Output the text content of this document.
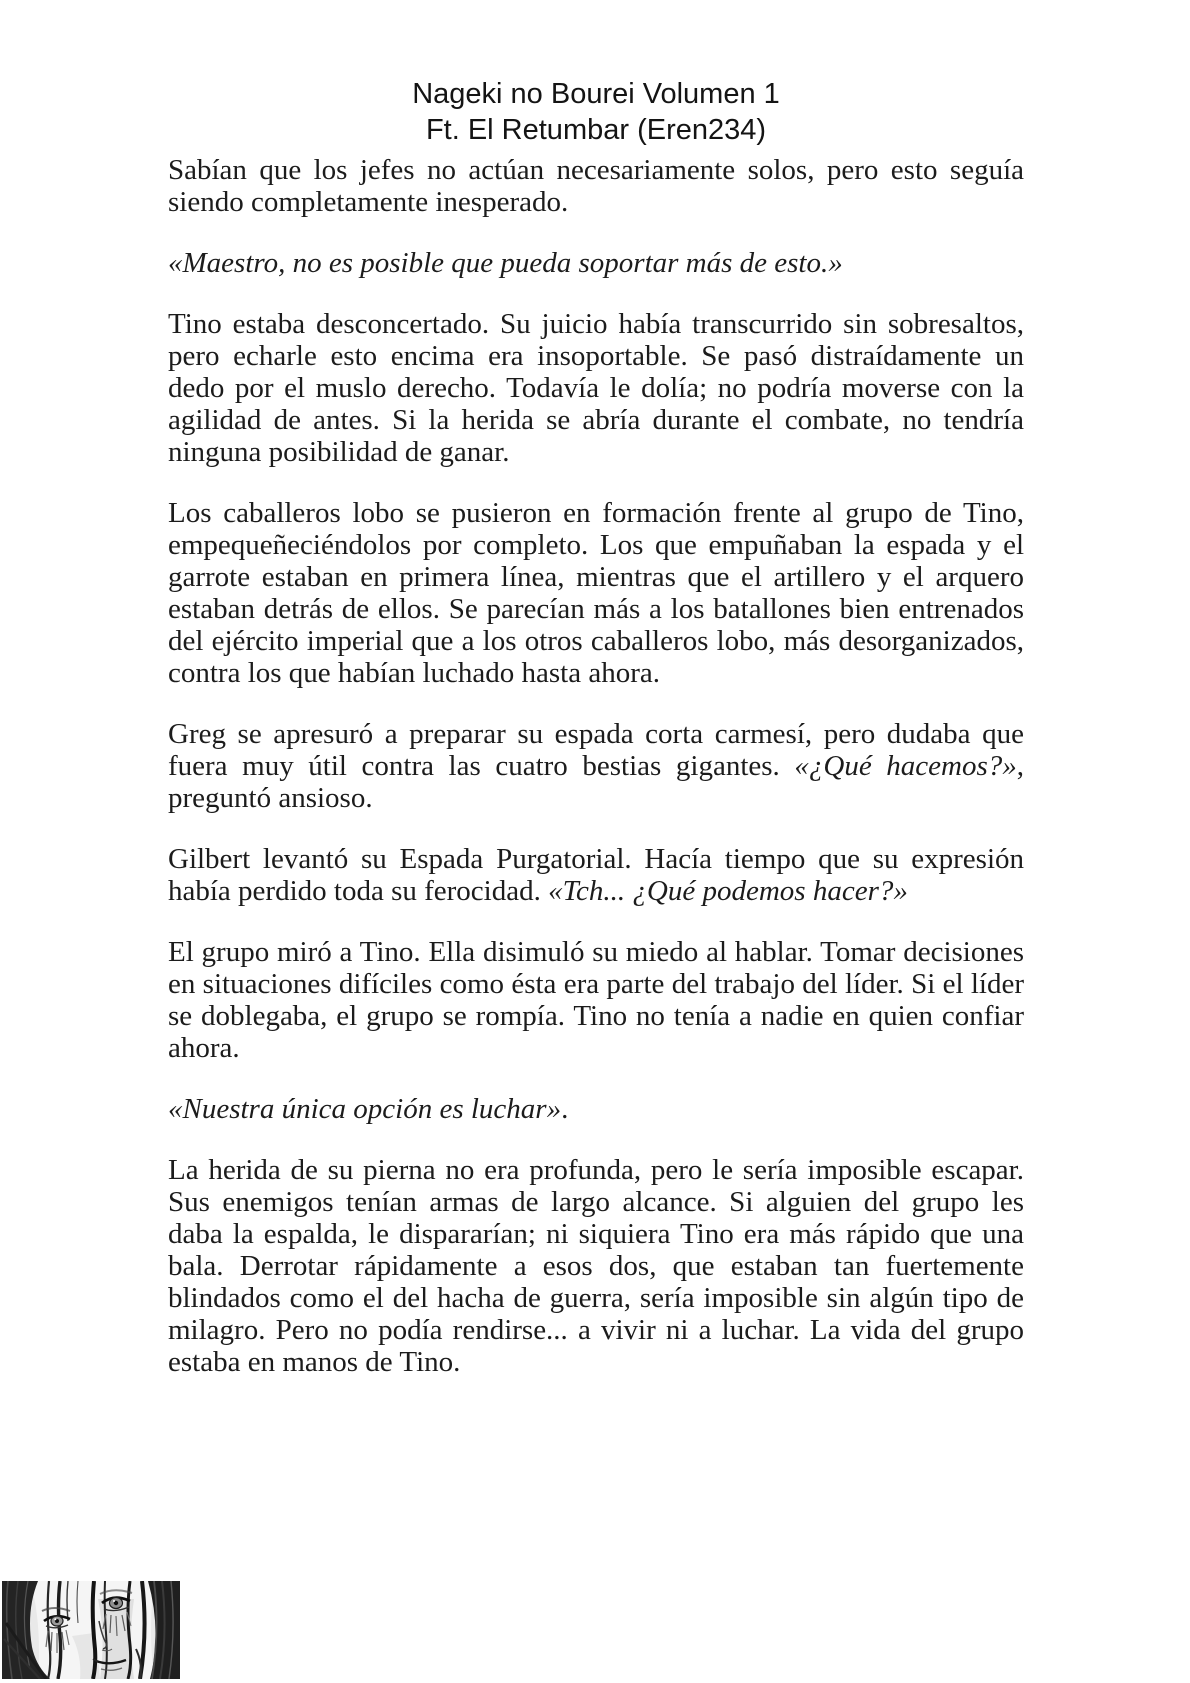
Nageki no Bourei Volumen 1
Ft. El Retumbar (Eren234)

Sabían que los jefes no actúan necesariamente solos, pero esto seguía siendo completamente inesperado.

«Maestro, no es posible que pueda soportar más de esto.»

Tino estaba desconcertado. Su juicio había transcurrido sin sobresaltos, pero echarle esto encima era insoportable. Se pasó distraídamente un dedo por el muslo derecho. Todavía le dolía; no podría moverse con la agilidad de antes. Si la herida se abría durante el combate, no tendría ninguna posibilidad de ganar.

Los caballeros lobo se pusieron en formación frente al grupo de Tino, empequeñeciéndolos por completo. Los que empuñaban la espada y el garrote estaban en primera línea, mientras que el artillero y el arquero estaban detrás de ellos. Se parecían más a los batallones bien entrenados del ejército imperial que a los otros caballeros lobo, más desorganizados, contra los que habían luchado hasta ahora.

Greg se apresuró a preparar su espada corta carmesí, pero dudaba que fuera muy útil contra las cuatro bestias gigantes. «¿Qué hacemos?», preguntó ansioso.

Gilbert levantó su Espada Purgatorial. Hacía tiempo que su expresión había perdido toda su ferocidad. «Tch... ¿Qué podemos hacer?»

El grupo miró a Tino. Ella disimuló su miedo al hablar. Tomar decisiones en situaciones difíciles como ésta era parte del trabajo del líder. Si el líder se doblegaba, el grupo se rompía. Tino no tenía a nadie en quien confiar ahora.

«Nuestra única opción es luchar».

La herida de su pierna no era profunda, pero le sería imposible escapar. Sus enemigos tenían armas de largo alcance. Si alguien del grupo les daba la espalda, le dispararían; ni siquiera Tino era más rápido que una bala. Derrotar rápidamente a esos dos, que estaban tan fuertemente blindados como el del hacha de guerra, sería imposible sin algún tipo de milagro. Pero no podía rendirse... a vivir ni a luchar. La vida del grupo estaba en manos de Tino.
